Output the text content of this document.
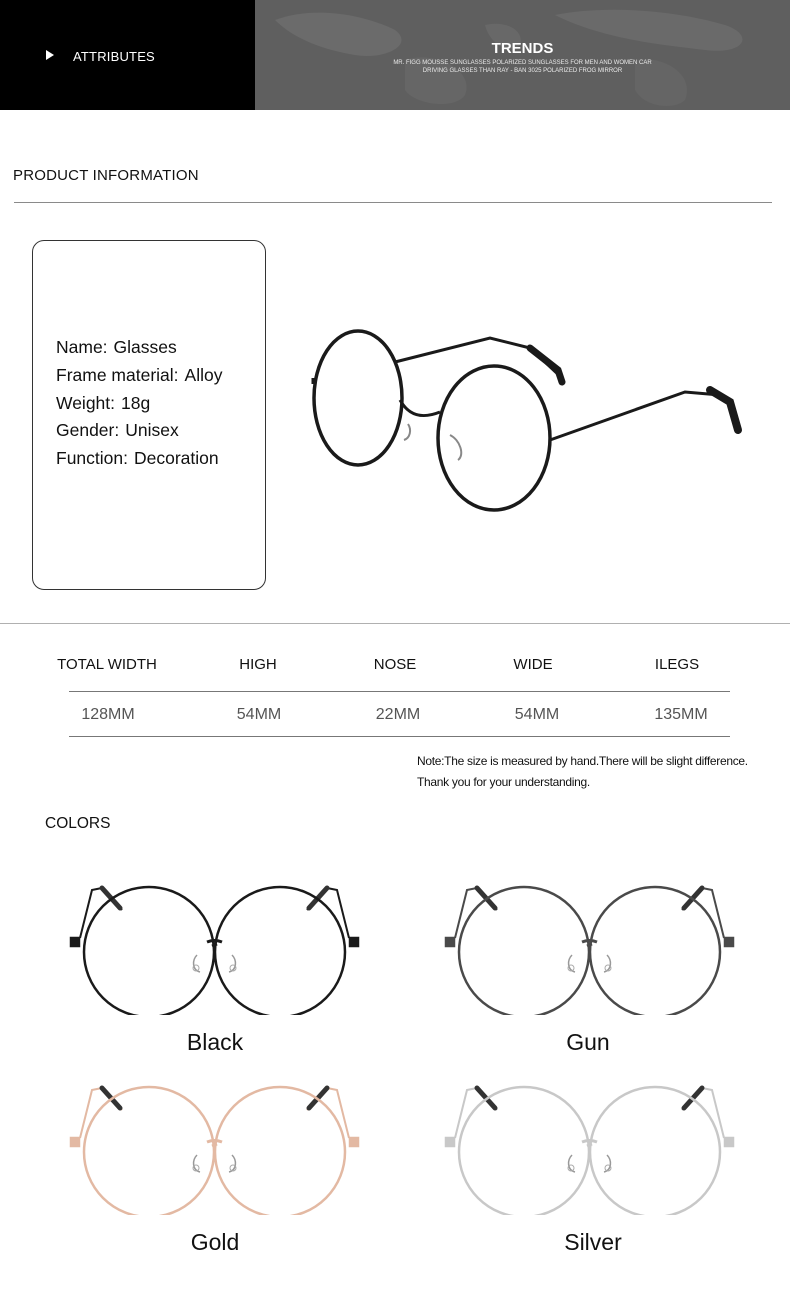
ATTRIBUTES	TRENDS
MR. FIGG MOUSSE SUNGLASSES POLARIZED SUNGLASSES FOR MEN AND WOMEN CAR
DRIVING GLASSES THAN RAY - BAN 3025 POLARIZED FROG MIRROR
PRODUCT INFORMATION
Name: Glasses
Frame material: Alloy
Weight: 18g
Gender: Unisex
Function: Decoration
TOTAL WIDTH	HIGH	NOSE	WIDE	ILEGS
128MM	54MM	22MM	54MM	135MM
Note:The size is measured by hand.There will be slight difference.
Thank you for your understanding.
COLORS
Black	Gun
Gold	Silver
